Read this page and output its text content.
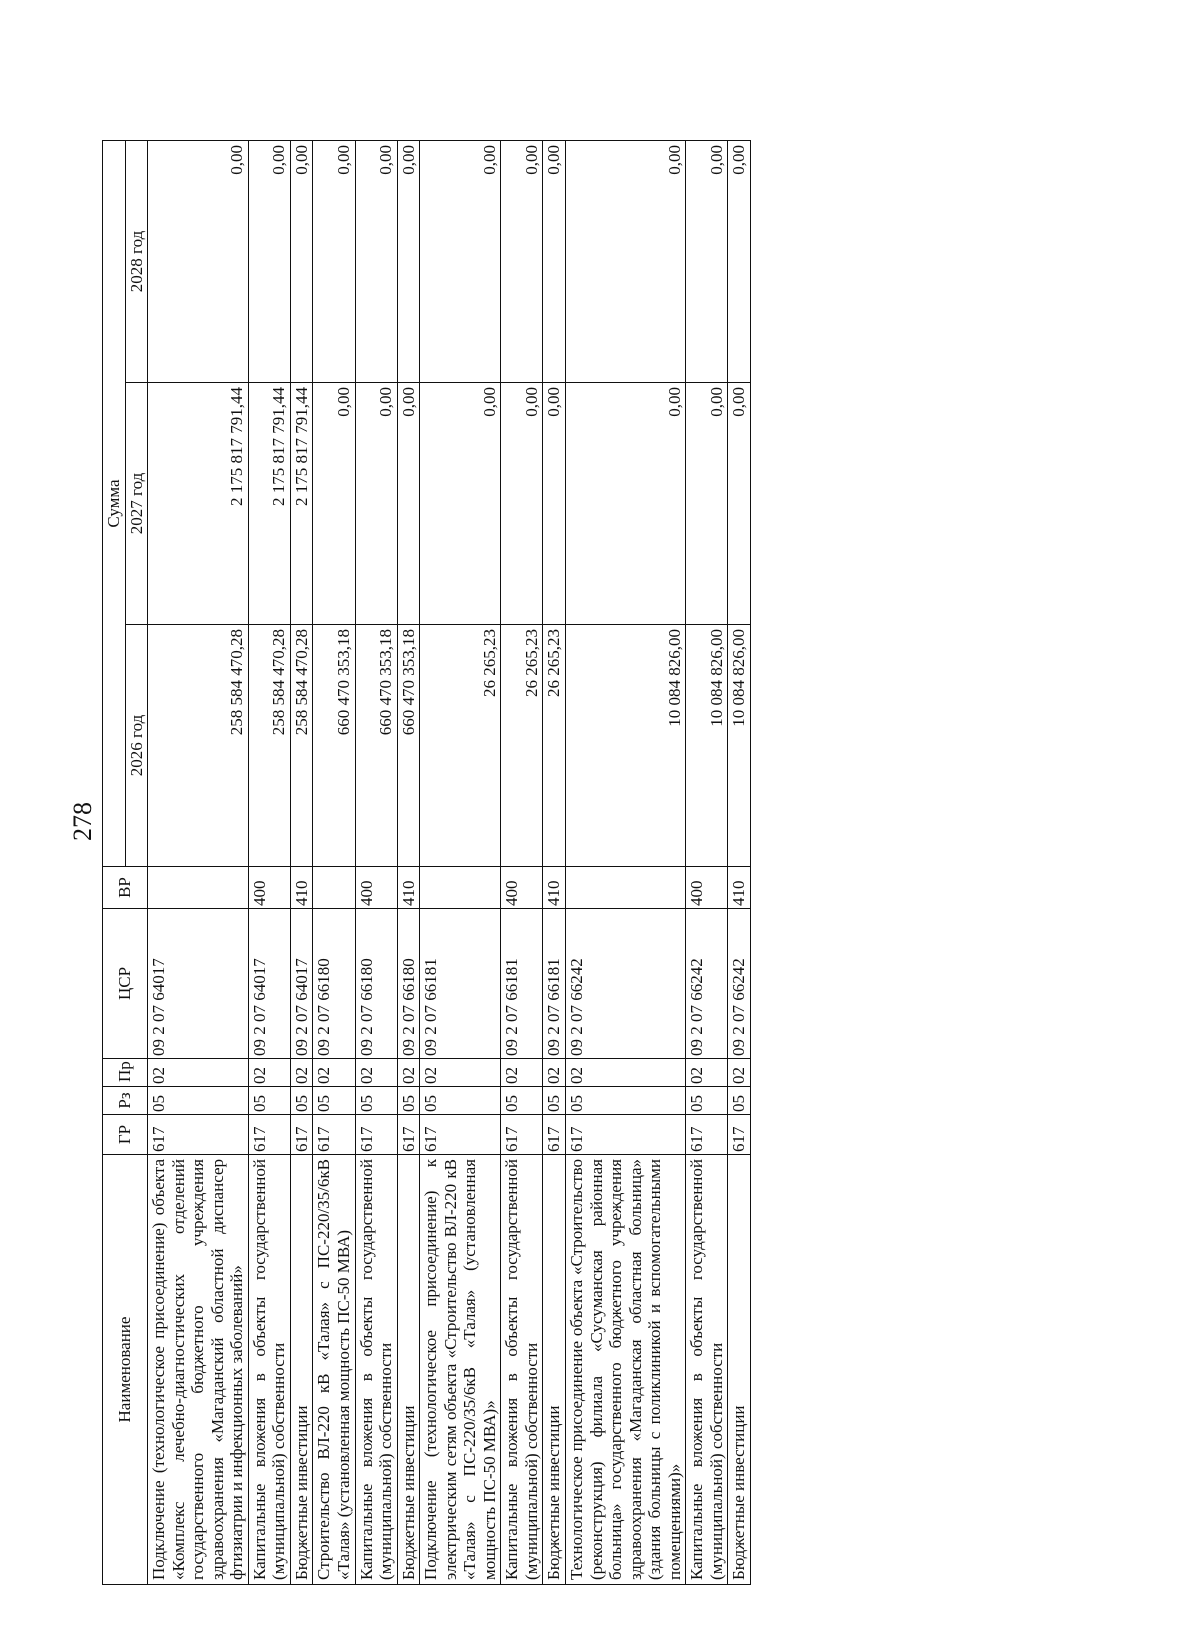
278
Наименование	ГР	Рз	Пр	ЦСР	ВР	Сумма		
						2026 год	2027 год	2028 год
Подключение (технологическое присоединение) объекта «Комплекс лечебно-диагностических отделений государственного бюджетного учреждения здравоохранения «Магаданский областной диспансер фтизиатрии и инфекционных заболеваний»	617	05	02	09 2 07 64017		258 584 470,28	2 175 817 791,44	0,00
Капитальные вложения в объекты государственной (муниципальной) собственности	617	05	02	09 2 07 64017	400	258 584 470,28	2 175 817 791,44	0,00
Бюджетные инвестиции	617	05	02	09 2 07 64017	410	258 584 470,28	2 175 817 791,44	0,00
Строительство ВЛ-220 кВ «Талая» с ПС-220/35/6кВ «Талая» (установленная мощность ПС-50 МВА)	617	05	02	09 2 07 66180		660 470 353,18	0,00	0,00
Капитальные вложения в объекты государственной (муниципальной) собственности	617	05	02	09 2 07 66180	400	660 470 353,18	0,00	0,00
Бюджетные инвестиции	617	05	02	09 2 07 66180	410	660 470 353,18	0,00	0,00
Подключение (технологическое присоединение) к электрическим сетям объекта «Строительство ВЛ-220 кВ «Талая» с ПС-220/35/6кВ «Талая» (установленная мощность ПС-50 МВА)»	617	05	02	09 2 07 66181		26 265,23	0,00	0,00
Капитальные вложения в объекты государственной (муниципальной) собственности	617	05	02	09 2 07 66181	400	26 265,23	0,00	0,00
Бюджетные инвестиции	617	05	02	09 2 07 66181	410	26 265,23	0,00	0,00
Технологическое присоединение объекта «Строительство (реконструкция) филиала «Сусуманская районная больница» государственного бюджетного учреждения здравоохранения «Магаданская областная больница» (здания больницы с поликлиникой и вспомогательными помещениями)»	617	05	02	09 2 07 66242		10 084 826,00	0,00	0,00
Капитальные вложения в объекты государственной (муниципальной) собственности	617	05	02	09 2 07 66242	400	10 084 826,00	0,00	0,00
Бюджетные инвестиции	617	05	02	09 2 07 66242	410	10 084 826,00	0,00	0,00
